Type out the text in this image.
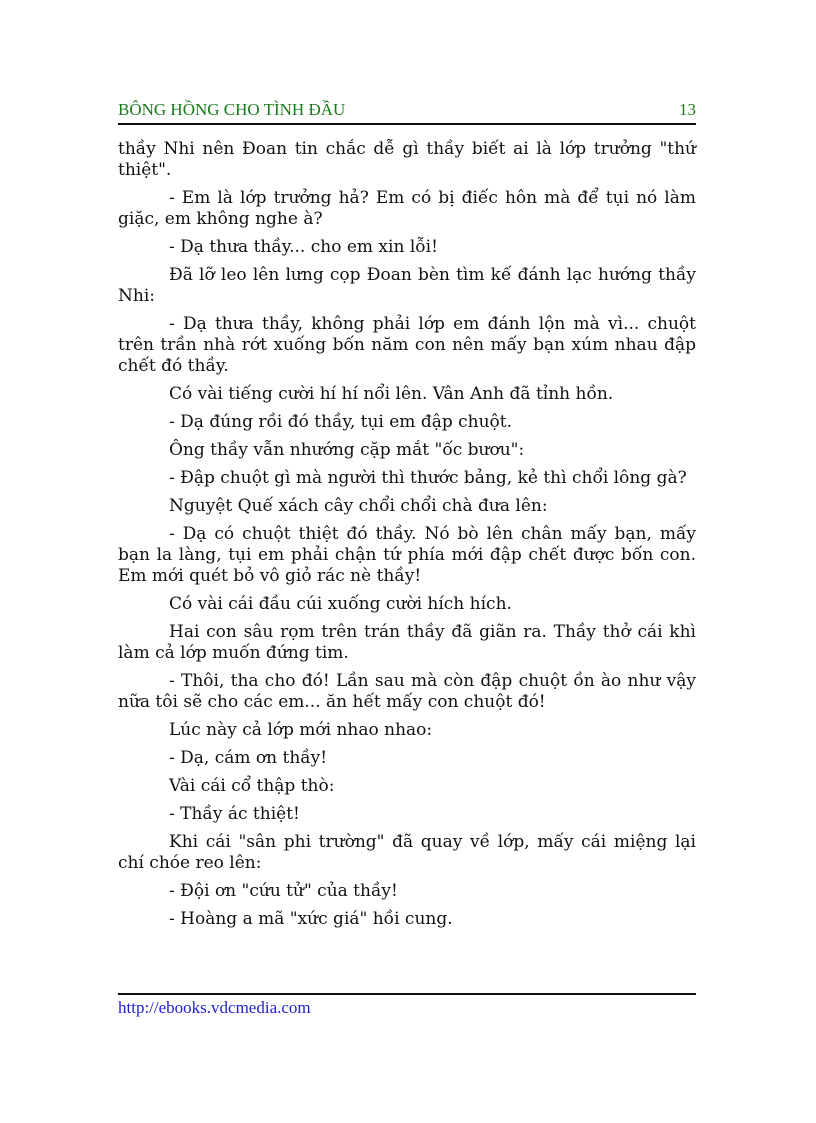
BÔNG HỒNG CHO TÌNH ĐẦU	13

thầy Nhi nên Đoan tin chắc dễ gì thầy biết ai là lớp trưởng "thứ thiệt".

- Em là lớp trưởng hả? Em có bị điếc hôn mà để tụi nó làm giặc, em không nghe à?

- Dạ thưa thầy... cho em xin lỗi!

Đã lỡ leo lên lưng cọp Đoan bèn tìm kế đánh lạc hướng thầy Nhi:

- Dạ thưa thầy, không phải lớp em đánh lộn mà vì... chuột trên trần nhà rớt xuống bốn năm con nên mấy bạn xúm nhau đập chết đó thầy.

Có vài tiếng cười hí hí nổi lên. Vân Anh đã tỉnh hồn.

- Dạ đúng rồi đó thầy, tụi em đập chuột.

Ông thầy vẫn nhướng cặp mắt "ốc bươu":

- Đập chuột gì mà người thì thước bảng, kẻ thì chổi lông gà?

Nguyệt Quế xách cây chổi chổi chà đưa lên:

- Dạ có chuột thiệt đó thầy. Nó bò lên chân mấy bạn, mấy bạn la làng, tụi em phải chận tứ phía mới đập chết được bốn con. Em mới quét bỏ vô giỏ rác nè thầy!

Có vài cái đầu cúi xuống cười hích hích.

Hai con sâu rọm trên trán thầy đã giãn ra. Thầy thở cái khì làm cả lớp muốn đứng tim.

- Thôi, tha cho đó! Lần sau mà còn đập chuột ồn ào như vậy nữa tôi sẽ cho các em... ăn hết mấy con chuột đó!

Lúc này cả lớp mới nhao nhao:

- Dạ, cám ơn thầy!

Vài cái cổ thập thò:

- Thầy ác thiệt!

Khi cái "sân phi trường" đã quay về lớp, mấy cái miệng lại chí chóe reo lên:

- Đội ơn "cứu tử" của thầy!

- Hoàng a mã "xức giá" hồi cung.

http://ebooks.vdcmedia.com
